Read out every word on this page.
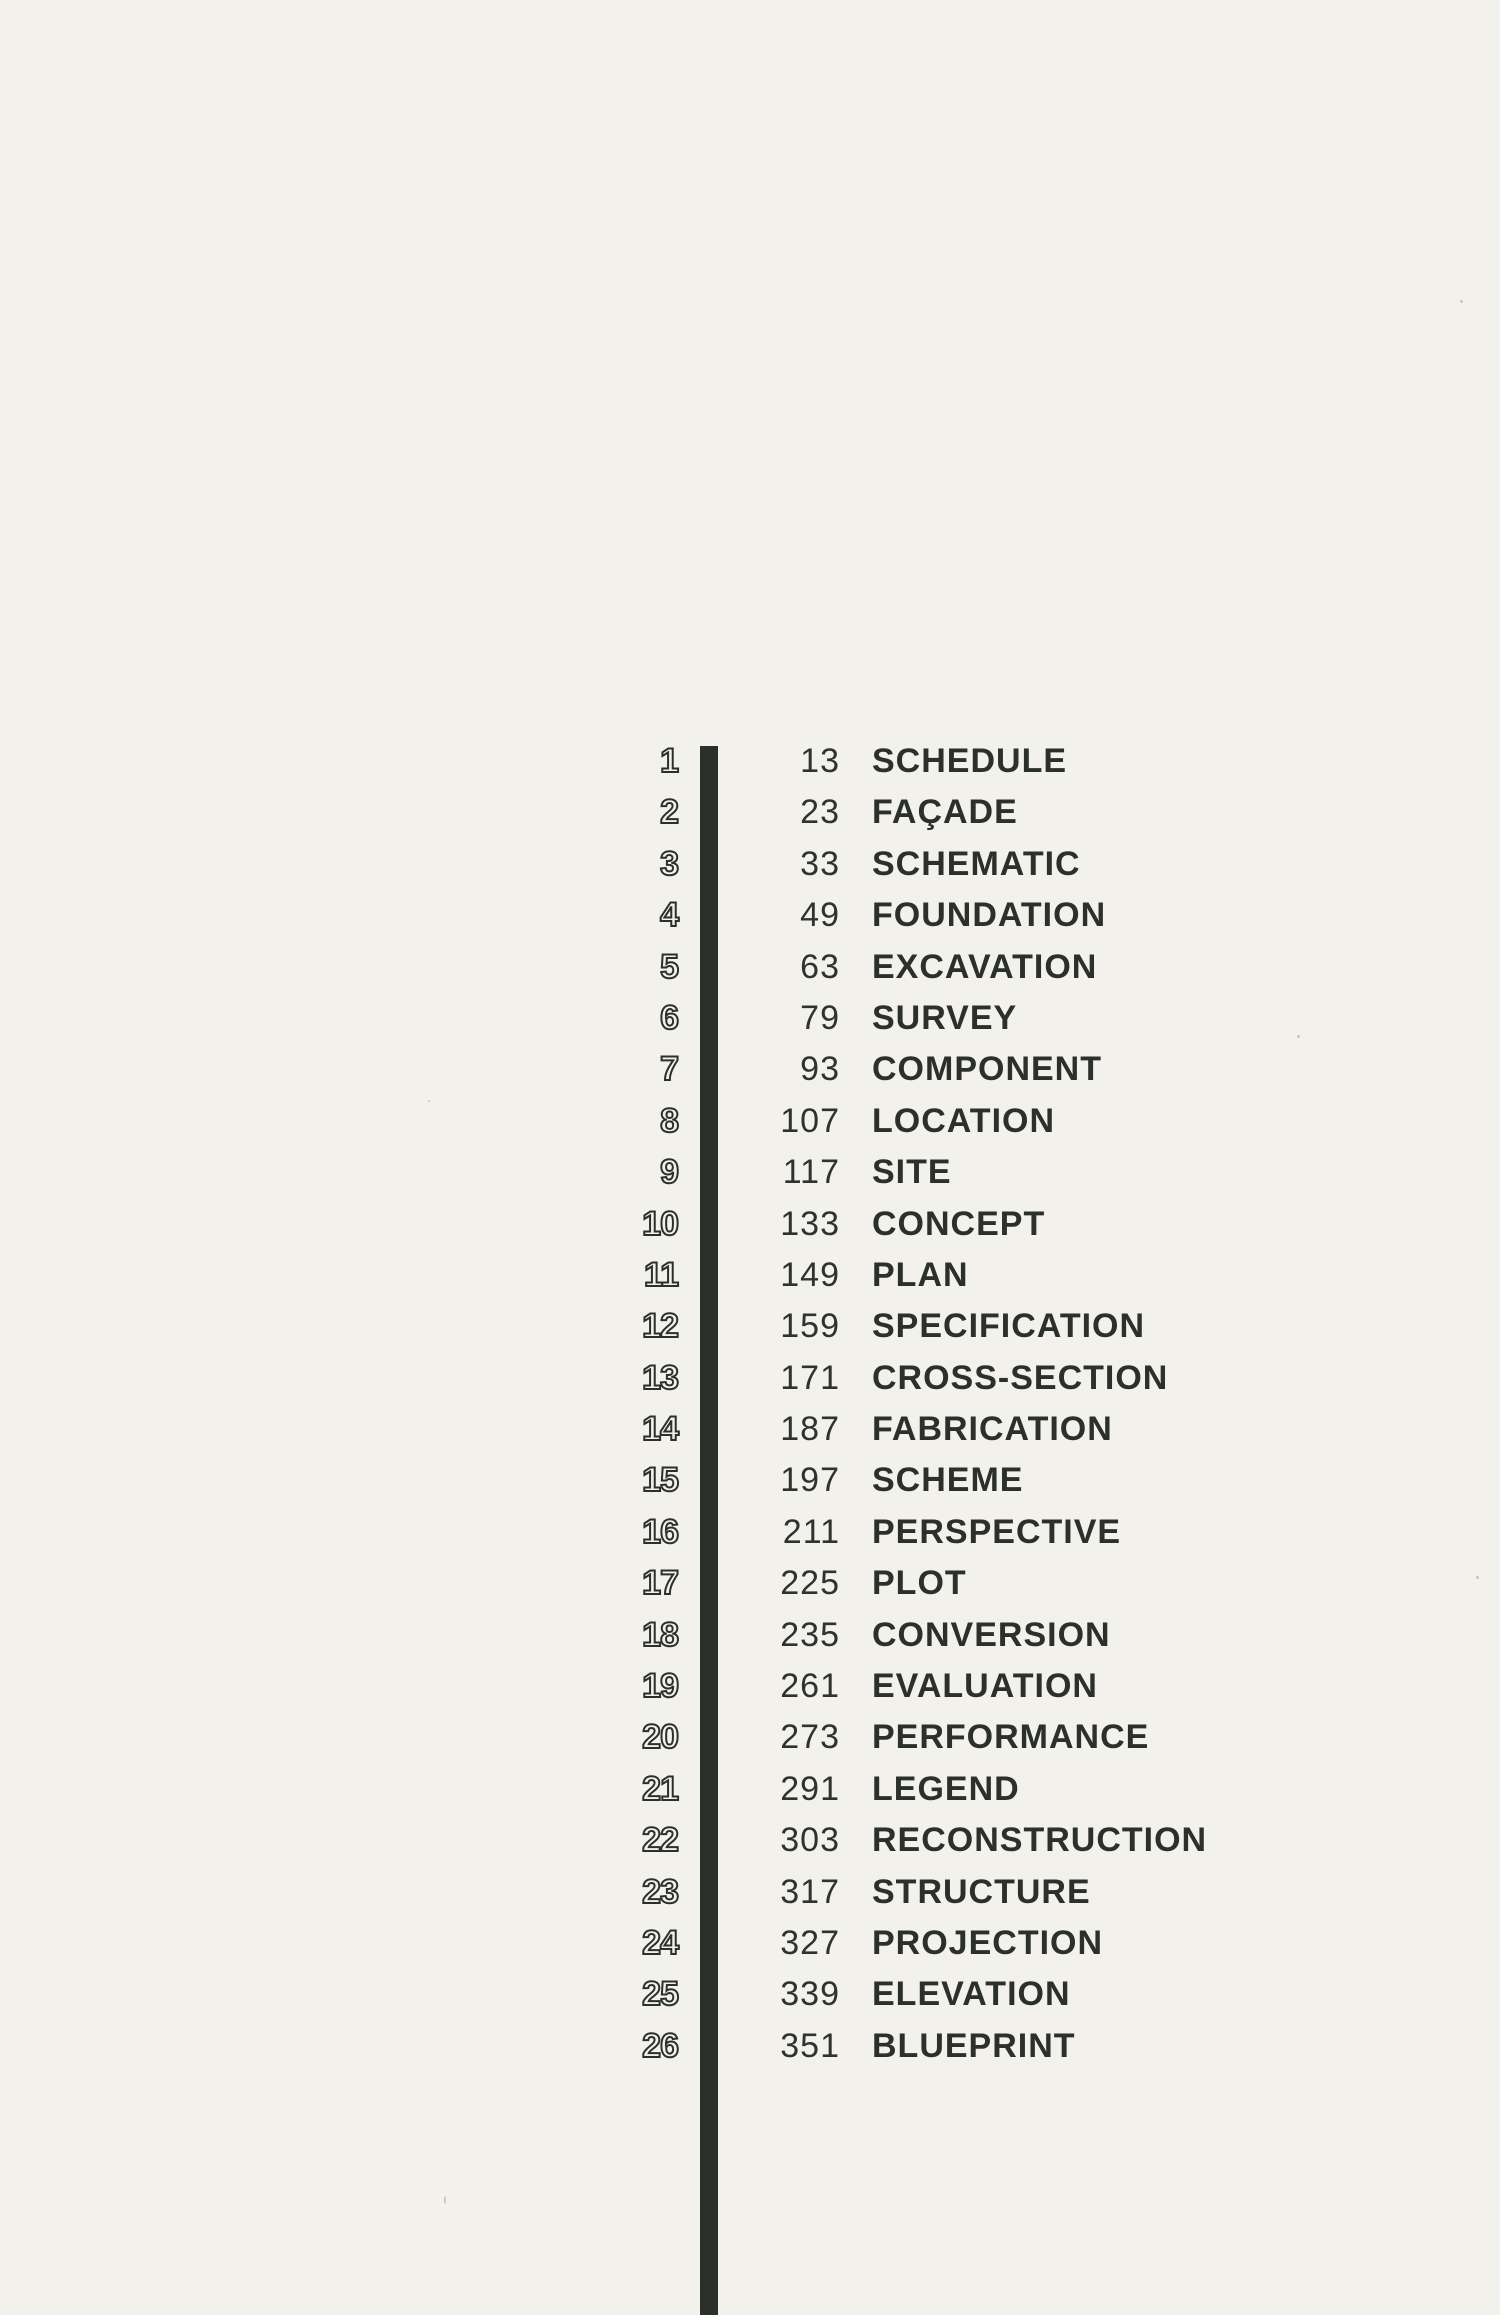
1	13 SCHEDULE
2	23 FAÇADE
3	33 SCHEMATIC
4	49 FOUNDATION
5	63 EXCAVATION
6	79 SURVEY
7	93 COMPONENT
8	107 LOCATION
9	117 SITE
10	133 CONCEPT
11	149 PLAN
12	159 SPECIFICATION
13	171 CROSS-SECTION
14	187 FABRICATION
15	197 SCHEME
16	211 PERSPECTIVE
17	225 PLOT
18	235 CONVERSION
19	261 EVALUATION
20	273 PERFORMANCE
21	291 LEGEND
22	303 RECONSTRUCTION
23	317 STRUCTURE
24	327 PROJECTION
25	339 ELEVATION
26	351 BLUEPRINT
